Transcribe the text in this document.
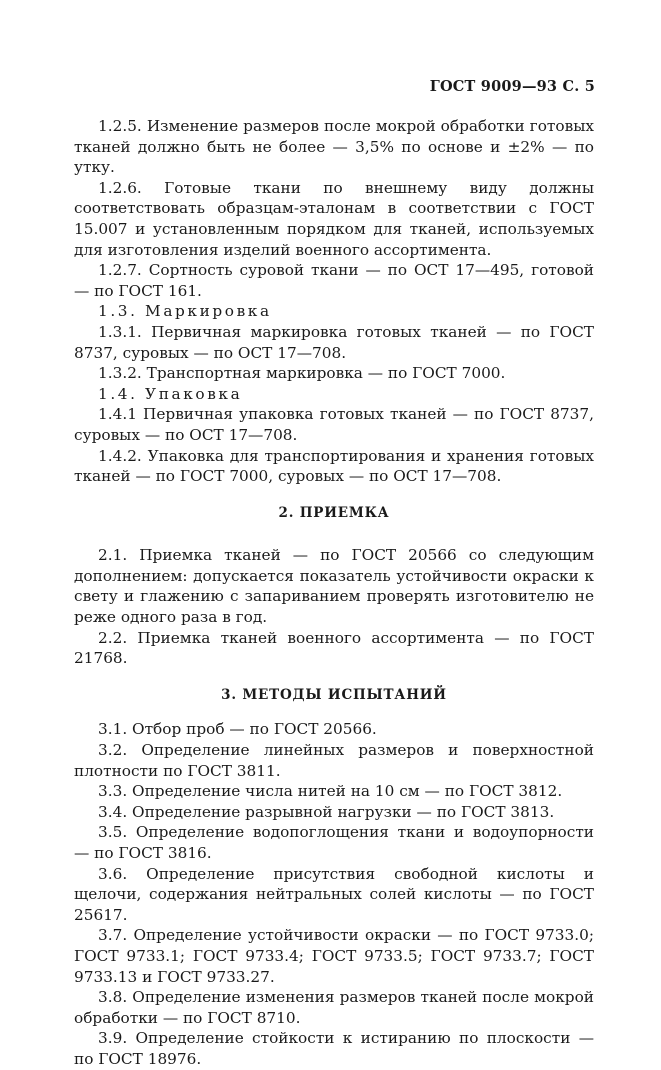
ГОСТ 9009—93 С. 5

1.2.5. Изменение размеров после мокрой обработки готовых тканей должно быть не более — 3,5% по основе и ±2% — по утку.

1.2.6. Готовые ткани по внешнему виду должны соответствовать образцам-эталонам в соответствии с ГОСТ 15.007 и установленным порядком для тканей, используемых для изготовления изделий военного ассортимента.

1.2.7. Сортность суровой ткани — по ОСТ 17—495, готовой — по ГОСТ 161.

1.3. Маркировка

1.3.1. Первичная маркировка готовых тканей — по ГОСТ 8737, суровых — по ОСТ 17—708.

1.3.2. Транспортная маркировка — по ГОСТ 7000.

1.4. Упаковка

1.4.1 Первичная упаковка готовых тканей — по ГОСТ 8737, суровых — по ОСТ 17—708.

1.4.2. Упаковка для транспортирования и хранения готовых тканей — по ГОСТ 7000, суровых — по ОСТ 17—708.

2. ПРИЕМКА

2.1. Приемка тканей — по ГОСТ 20566 со следующим дополнением: допускается показатель устойчивости окраски к свету и глажению с запариванием проверять изготовителю не реже одного раза в год.

2.2. Приемка тканей военного ассортимента — по ГОСТ 21768.

3. МЕТОДЫ ИСПЫТАНИЙ

3.1. Отбор проб — по ГОСТ 20566.

3.2. Определение линейных размеров и поверхностной плотности по ГОСТ 3811.

3.3. Определение числа нитей на 10 см — по ГОСТ 3812.

3.4. Определение разрывной нагрузки — по ГОСТ 3813.

3.5. Определение водопоглощения ткани и водоупорности — по ГОСТ 3816.

3.6. Определение присутствия свободной кислоты и щелочи, содержания нейтральных солей кислоты — по ГОСТ 25617.

3.7. Определение устойчивости окраски — по ГОСТ 9733.0; ГОСТ 9733.1; ГОСТ 9733.4; ГОСТ 9733.5; ГОСТ 9733.7; ГОСТ 9733.13 и ГОСТ 9733.27.

3.8. Определение изменения размеров тканей после мокрой обработки — по ГОСТ 8710.

3.9. Определение стойкости к истиранию по плоскости — по ГОСТ 18976.
